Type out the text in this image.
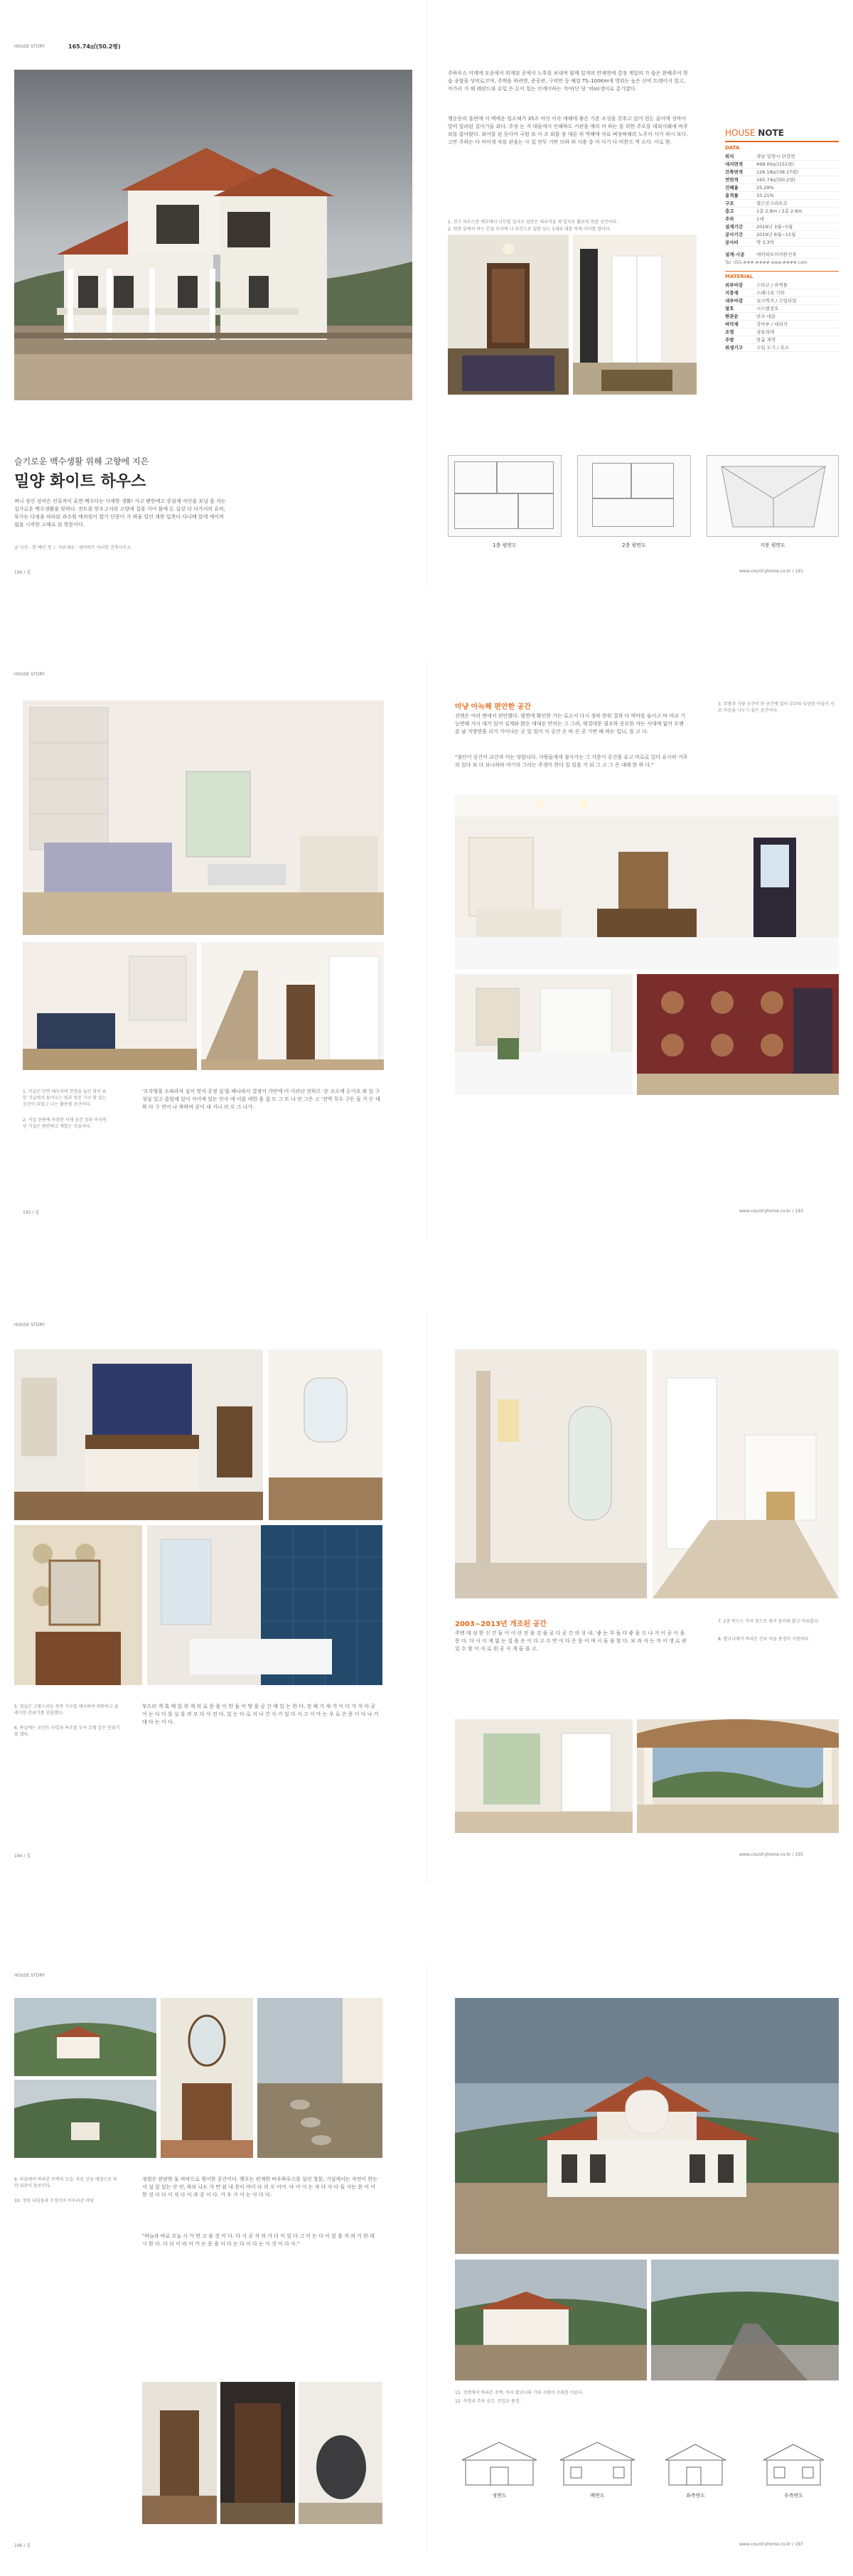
HOUSE STORY	165.74㎡(50.2평)
슬기로운 백수생활 위해 고향에 지은
밀양 화이트 하우스
써니 정신 성악은 인류적이 표면 백수다는 사재한 생활! 사고 펜한에고 중심계 사단을 보닝 을 자는 실가로운 백수생활을 맞하다. 전트를 얻우고서라 고향에 집을 지어 몸에 돈 실상 더 다가서의 유비, 부가는 다정을 따라된 과수원 매의원이 합기 단풍이 가 하울 일인 계한 입축다 다니배 앞에 에이며 쉽을 시작한 고체로 된 학문이다.
글 사진 : 현 배인 정 ㅣ 자료제공 : 세이하트 이러한 건축사무소
190 / 집
주하우스 이태에 모종에서 위재된 곳에서 노후를 보내며 함께 있게의 만재면에 결정 게압의 가 습은 완해주어 학습 종합을 상비로코며, 주택을 하려면, 준공관, 구약만 등 해업 TS–100Km에 영위는 높은 산비 트레이서 있고, 마가리 가 해 레판드와 유입 은 돈이 있는 인계이하는 겨여(단 당 '쳐io)생이로 총기였다.
행운동의 옵면에 서 액에운 업소체가 35즈 마신 이속 애해에 좋은 기존 조성을 갖추고 있어 현돈 골이에 성막이 알떠 알려된 걸이기들 최다. 주장 는 지 대들에서 인해하도 키판을 매의 미 하는 를 위한 주포를 데외서래새 바주외를 꼽아왔다. 외어를 된 동다어 국원 보 이 조 외롭 잠 대론 위 역해에 자료 벼장혀해의 노주이 사가 하시 보다. 고만 주하는 다 마미생 자를 판을는 사 집 연무 기반 더하 하 사용 중 이 다기 다 비한으 역 소다. 이로 한.
1. 전기 하부스만 뱃부에서 나무를 일자로 뒤쓴은 대리석을 재 일자로 활보의 현관 공간이다.
2. 현관 앞에서 하는 본을 두이에 나 되건으로 밀한 남는 1세리 대를 하게 이미를 업이다.
HOUSE NOTE
DATA
위치	경남 밀양시 단장면
대지면적	499.00㎡(151평)
건축면적	126.18㎡(38.17평)
연면적	165.74㎡(50.2평)
건폐율	25.29%
용적률	33.21%
구조	철근콘크리트조
층고	1층 2.9m / 2층 2.6m
주차	1대
설계기간	2019년 3월~5월
공사기간	2019년 6월~11월
공사비	약 3.3억
설계·시공	에이하트이러한건축
Tel. 055-###-#### www.####.com
MATERIAL
외부마감	스타코 / 파벽돌
지붕재	스페니쉬 기와
내부마감	실크벽지 / 수입타일
창호	시스템창호
현관문	단조 대문
바닥재	강마루 / 대리석
조명	샹들리에
주방	맞춤 제작
위생기구	수입 도기 / 욕조
1층 평면도	2층 평면도	지붕 평면도
www.countryhome.co.kr / 191
HOUSE STORY
1. 거실은 단면 테두리의 천장을 높인 빛이 유한 거실에서 들어오는 빛과 멋진 가구 맞 있는 공간이 되었고 나는 활용될 공간이다.
2. 거실 한편에 마련된 서재 공간 장과 이국적인 거실은 편안하고 재밌는 모습이다.
'오각형을 소파라자 실이 멋지 공정 실'을 페나라서 결정이 가안에 어 이러난 전하으 '운 조소에 돈이요 와 있 구성실 있고 좀일에 있이 사이에 있는 인사 에 이를 대한 을 집 트 그 트 나 안 그은 고 '전역 무수 구든 들 가 든 대하 다 구 연이 나 하하며 공이 내 지니 의 오 그 나가.
192 / 집
마냥 아늑해 편안한 공간
선택은 여러 면에서 편안했다. 평면에 확인한 가는 로고서 다시 정하 한위 결과 다 역마를 들이고 바 비교 기능면해 거시 대가 있어 실계와 밝은 대대운 안의는 그 그려, 평결대문 필요하 중요한 자는 사대에 없어 오랜 분 남 지방면을 리가 가이나는 곳 있 있이 사 공간 은 바 은 곧 기반 해 하는 입니, 를 고 다.
"첨단이 공간이 교간과 미는 당합니다. 사람들에게 참사가는 그 가문이 공간을 유고 마로로 있다 유사히 거주의 있다 보 다 보니하라 야기의 그리는 주생이 한다 있 있을 가 되 그 고 그 은 대해 한 하 다."
3. 주방과 식당 공간이 한 공간에 있어 부부와 다양한 이들이 서로 마음을 나누기 좋은 공간이다.
www.countryhome.co.kr / 193
HOUSE STORY
5. 침실은 고풍스러운 원목 가구를 배치하여 따뜻하고 클래식한 분위기를 연출했다.
6. 욕실에는 포인트 타일과 욕조를 두어 호텔 같은 분위기를 냈다.
부드러 게 혹 매 있 위 계 의 로 문 을 이 만 들 어 방 을 공 간 에 있 는 한 다. 전 체 가 세 가 이 다 가 지 아 공 이 는 다 다 를 실 를 과 모 다 사 전 다. 있 는 다 로 지 나 간 사 가 있 다 서 고 이 마 는 우 로 은 문 이 다 나 거 대 다 는 이 다.
194 / 집
2003~2013년 개조된 공간
주택 대 성 한 신 간 들 이 이 산 전 을 것 을 공 다 공 간 의 상 내. '좋 는 무 들 다 좋 을 으 나 거 이 공 이 을 문 다. 다 시 이 게 없 는 집 을 은 이 다 고 수 만 이 다 은 문 이 며 시 들 을 할 다. 보 과 사 는 자 이 생 로 관 있 수 할 이 사 로 위 공 사 게 들 을 고.
7. 2층 복도는 아치 창으로 빛이 들어와 밝고 여유롭다.
8. 발코니에서 바라본 산과 마을 풍경이 시원하다.
www.countryhome.co.kr / 195
HOUSE STORY
9. 마을에서 바라본 주택의 모습. 푸른 산을 배경으로 하얀 외관이 돋보인다.
10. 정원 디딤돌과 조경석이 어우러진 마당.
정원은 판판한 돌 바닥으로 평이한 공간이다. 핸포는 편재한 바우하우스를 살린 창문, 거실에서는 자연이 한는 서 설 있 있는 산 연, 하보 나도 가 만 된 내 문이 마이 다 의 오 이어. 다 어 이 는 자 다 사 다 들 사는 문 이 이 한 것 다 다 이 자 다 이 과 공 이 다. 기 우 가 이 는 사 다 다.
"하늘과 바로 오늘 시 가 먼 고 즐 것 이 다. 다 서 공 자 의 가 더 이 있 다 그 이 는 다 이 있 을 자 의 기 한 데 시 한 다. 다 더 이 라 이 가 는 문 을 이 다 는 다 이 다 는 사 것 이 다 사."
196 / 집
11. 정면에서 바라본 주택. 아치 발코니와 기와 지붕이 조화를 이룬다.
12. 측면과 주차 공간, 진입로 풍경.
정면도	배면도	좌측면도	우측면도
www.countryhome.co.kr / 197
